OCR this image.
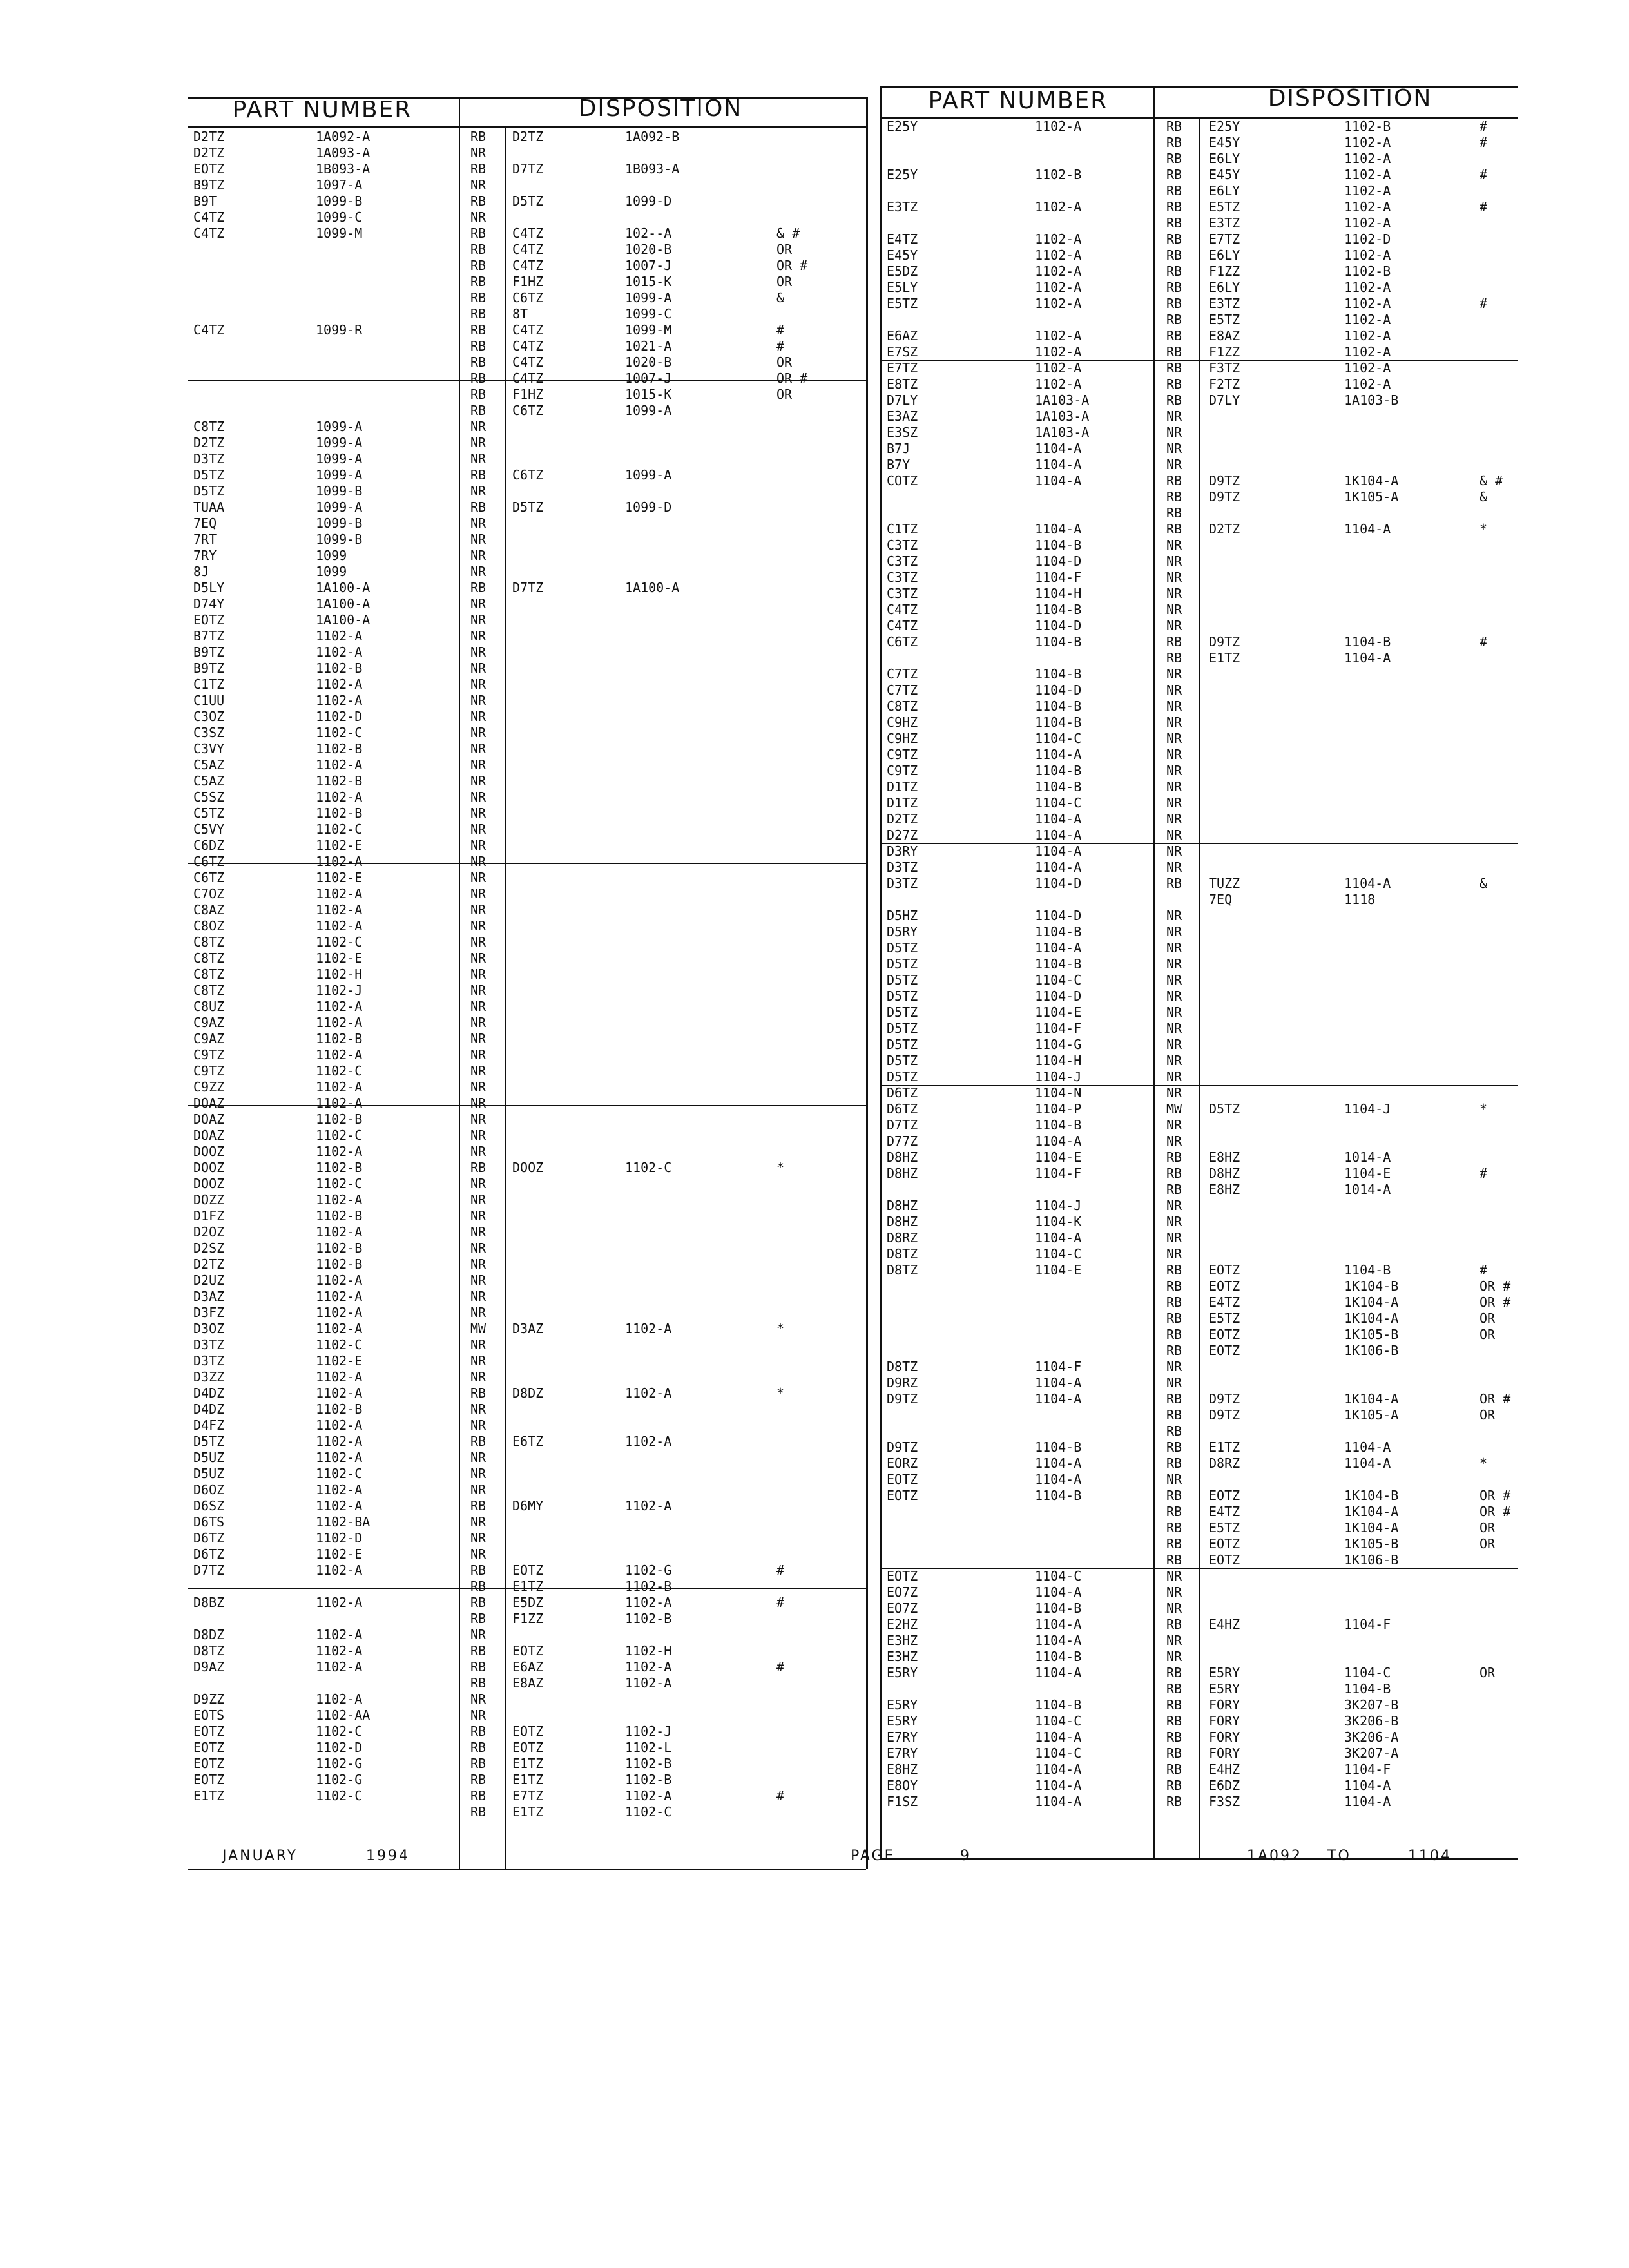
PART NUMBER	DISPOSITION	PART NUMBER	DISPOSITION
D2TZ	1A092-A	RB D2TZ	1A092-B
D2TZ	1A093-A	NR
EOTZ	1B093-A	RB D7TZ	1B093-A
B9TZ	1097-A	NR
B9T	1099-B	RB D5TZ	1099-D
C4TZ	1099-C	NR
C4TZ	1099-M	RB C4TZ	102--A	& #
RB C4TZ	1020-B	OR
RB C4TZ	1007-J	OR #
RB F1HZ	1015-K	OR
RB C6TZ	1099-A	&
RB 8T	1099-C
C4TZ	1099-R	RB C4TZ	1099-M	#
RB C4TZ	1021-A	#
RB C4TZ	1020-B	OR
RB C4TZ	1007-J	OR #
RB F1HZ	1015-K	OR
RB C6TZ	1099-A
C8TZ	1099-A	NR
D2TZ	1099-A	NR
D3TZ	1099-A	NR
D5TZ	1099-A	RB C6TZ	1099-A
D5TZ	1099-B	NR
TUAA	1099-A	RB D5TZ	1099-D
7EQ	1099-B	NR
7RT	1099-B	NR
7RY	1099	NR
8J	1099	NR
D5LY	1A100-A	RB D7TZ	1A100-A
D74Y	1A100-A	NR
EOTZ	1A100-A	NR
B7TZ	1102-A	NR
B9TZ	1102-A	NR
B9TZ	1102-B	NR
C1TZ	1102-A	NR
C1UU	1102-A	NR
C3OZ	1102-D	NR
C3SZ	1102-C	NR
C3VY	1102-B	NR
C5AZ	1102-A	NR
C5AZ	1102-B	NR
C5SZ	1102-A	NR
C5TZ	1102-B	NR
C5VY	1102-C	NR
C6DZ	1102-E	NR
C6TZ	1102-A	NR
C6TZ	1102-E	NR
C7OZ	1102-A	NR
C8AZ	1102-A	NR
C8OZ	1102-A	NR
C8TZ	1102-C	NR
C8TZ	1102-E	NR
C8TZ	1102-H	NR
C8TZ	1102-J	NR
C8UZ	1102-A	NR
C9AZ	1102-A	NR
C9AZ	1102-B	NR
C9TZ	1102-A	NR
C9TZ	1102-C	NR
C9ZZ	1102-A	NR
DOAZ	1102-A	NR
DOAZ	1102-B	NR
DOAZ	1102-C	NR
DOOZ	1102-A	NR
DOOZ	1102-B	RB DOOZ	1102-C	*
DOOZ	1102-C	NR
DOZZ	1102-A	NR
D1FZ	1102-B	NR
D2OZ	1102-A	NR
D2SZ	1102-B	NR
D2TZ	1102-B	NR
D2UZ	1102-A	NR
D3AZ	1102-A	NR
D3FZ	1102-A	NR
D3OZ	1102-A	MW D3AZ	1102-A	*
D3TZ	1102-C	NR
D3TZ	1102-E	NR
D3ZZ	1102-A	NR
D4DZ	1102-A	RB D8DZ	1102-A	*
D4DZ	1102-B	NR
D4FZ	1102-A	NR
D5TZ	1102-A	RB E6TZ	1102-A
D5UZ	1102-A	NR
D5UZ	1102-C	NR
D6OZ	1102-A	NR
D6SZ	1102-A	RB D6MY	1102-A
D6TS	1102-BA	NR
D6TZ	1102-D	NR
D6TZ	1102-E	NR
D7TZ	1102-A	RB EOTZ	1102-G	#
RB E1TZ	1102-B
D8BZ	1102-A	RB E5DZ	1102-A	#
RB F1ZZ	1102-B
D8DZ	1102-A	NR
D8TZ	1102-A	RB EOTZ	1102-H
D9AZ	1102-A	RB E6AZ	1102-A	#
RB E8AZ	1102-A
D9ZZ	1102-A	NR
EOTS	1102-AA	NR
EOTZ	1102-C	RB EOTZ	1102-J
EOTZ	1102-D	RB EOTZ	1102-L
EOTZ	1102-G	RB E1TZ	1102-B
EOTZ	1102-G	RB E1TZ	1102-B
E1TZ	1102-C	RB E7TZ	1102-A	#
RB E1TZ	1102-C
E25Y	1102-A	RB E25Y	1102-B	#
RB E45Y	1102-A	#
RB E6LY	1102-A
E25Y	1102-B	RB E45Y	1102-A	#
RB E6LY	1102-A
E3TZ	1102-A	RB E5TZ	1102-A	#
RB E3TZ	1102-A
E4TZ	1102-A	RB E7TZ	1102-D
E45Y	1102-A	RB E6LY	1102-A
E5DZ	1102-A	RB F1ZZ	1102-B
E5LY	1102-A	RB E6LY	1102-A
E5TZ	1102-A	RB E3TZ	1102-A	#
RB E5TZ	1102-A
E6AZ	1102-A	RB E8AZ	1102-A
E7SZ	1102-A	RB F1ZZ	1102-A
E7TZ	1102-A	RB F3TZ	1102-A
E8TZ	1102-A	RB F2TZ	1102-A
D7LY	1A103-A	RB D7LY	1A103-B
E3AZ	1A103-A	NR
E3SZ	1A103-A	NR
B7J	1104-A	NR
B7Y	1104-A	NR
COTZ	1104-A	RB D9TZ	1K104-A	& #
RB D9TZ	1K105-A	&
RB
C1TZ	1104-A	RB D2TZ	1104-A	*
C3TZ	1104-B	NR
C3TZ	1104-D	NR
C3TZ	1104-F	NR
C3TZ	1104-H	NR
C4TZ	1104-B	NR
C4TZ	1104-D	NR
C6TZ	1104-B	RB D9TZ	1104-B	#
RB E1TZ	1104-A
C7TZ	1104-B	NR
C7TZ	1104-D	NR
C8TZ	1104-B	NR
C9HZ	1104-B	NR
C9HZ	1104-C	NR
C9TZ	1104-A	NR
C9TZ	1104-B	NR
D1TZ	1104-B	NR
D1TZ	1104-C	NR
D2TZ	1104-A	NR
D27Z	1104-A	NR
D3RY	1104-A	NR
D3TZ	1104-A	NR
D3TZ	1104-D	RB TUZZ	1104-A	&
7EQ	1118
D5HZ	1104-D	NR
D5RY	1104-B	NR
D5TZ	1104-A	NR
D5TZ	1104-B	NR
D5TZ	1104-C	NR
D5TZ	1104-D	NR
D5TZ	1104-E	NR
D5TZ	1104-F	NR
D5TZ	1104-G	NR
D5TZ	1104-H	NR
D5TZ	1104-J	NR
D6TZ	1104-N	NR
D6TZ	1104-P	MW D5TZ	1104-J	*
D7TZ	1104-B	NR
D77Z	1104-A	NR
D8HZ	1104-E	RB E8HZ	1014-A
D8HZ	1104-F	RB D8HZ	1104-E	#
RB E8HZ	1014-A
D8HZ	1104-J	NR
D8HZ	1104-K	NR
D8RZ	1104-A	NR
D8TZ	1104-C	NR
D8TZ	1104-E	RB EOTZ	1104-B	#
RB EOTZ	1K104-B	OR #
RB E4TZ	1K104-A	OR #
RB E5TZ	1K104-A	OR
RB EOTZ	1K105-B	OR
RB EOTZ	1K106-B
D8TZ	1104-F	NR
D9RZ	1104-A	NR
D9TZ	1104-A	RB D9TZ	1K104-A	OR #
RB D9TZ	1K105-A	OR
RB
D9TZ	1104-B	RB E1TZ	1104-A
EORZ	1104-A	RB D8RZ	1104-A	*
EOTZ	1104-A	NR
EOTZ	1104-B	RB EOTZ	1K104-B	OR #
RB E4TZ	1K104-A	OR #
RB E5TZ	1K104-A	OR
RB EOTZ	1K105-B	OR
RB EOTZ	1K106-B
EOTZ	1104-C	NR
EO7Z	1104-A	NR
EO7Z	1104-B	NR
E2HZ	1104-A	RB E4HZ	1104-F
E3HZ	1104-A	NR
E3HZ	1104-B	NR
E5RY	1104-A	RB E5RY	1104-C	OR
RB E5RY	1104-B
E5RY	1104-B	RB FORY	3K207-B
E5RY	1104-C	RB FORY	3K206-B
E7RY	1104-A	RB FORY	3K206-A
E7RY	1104-C	RB FORY	3K207-A
E8HZ	1104-A	RB E4HZ	1104-F
E8OY	1104-A	RB E6DZ	1104-A
F1SZ	1104-A	RB F3SZ	1104-A
JANUARY	1994	PAGE	9	1A092 TO	1104
